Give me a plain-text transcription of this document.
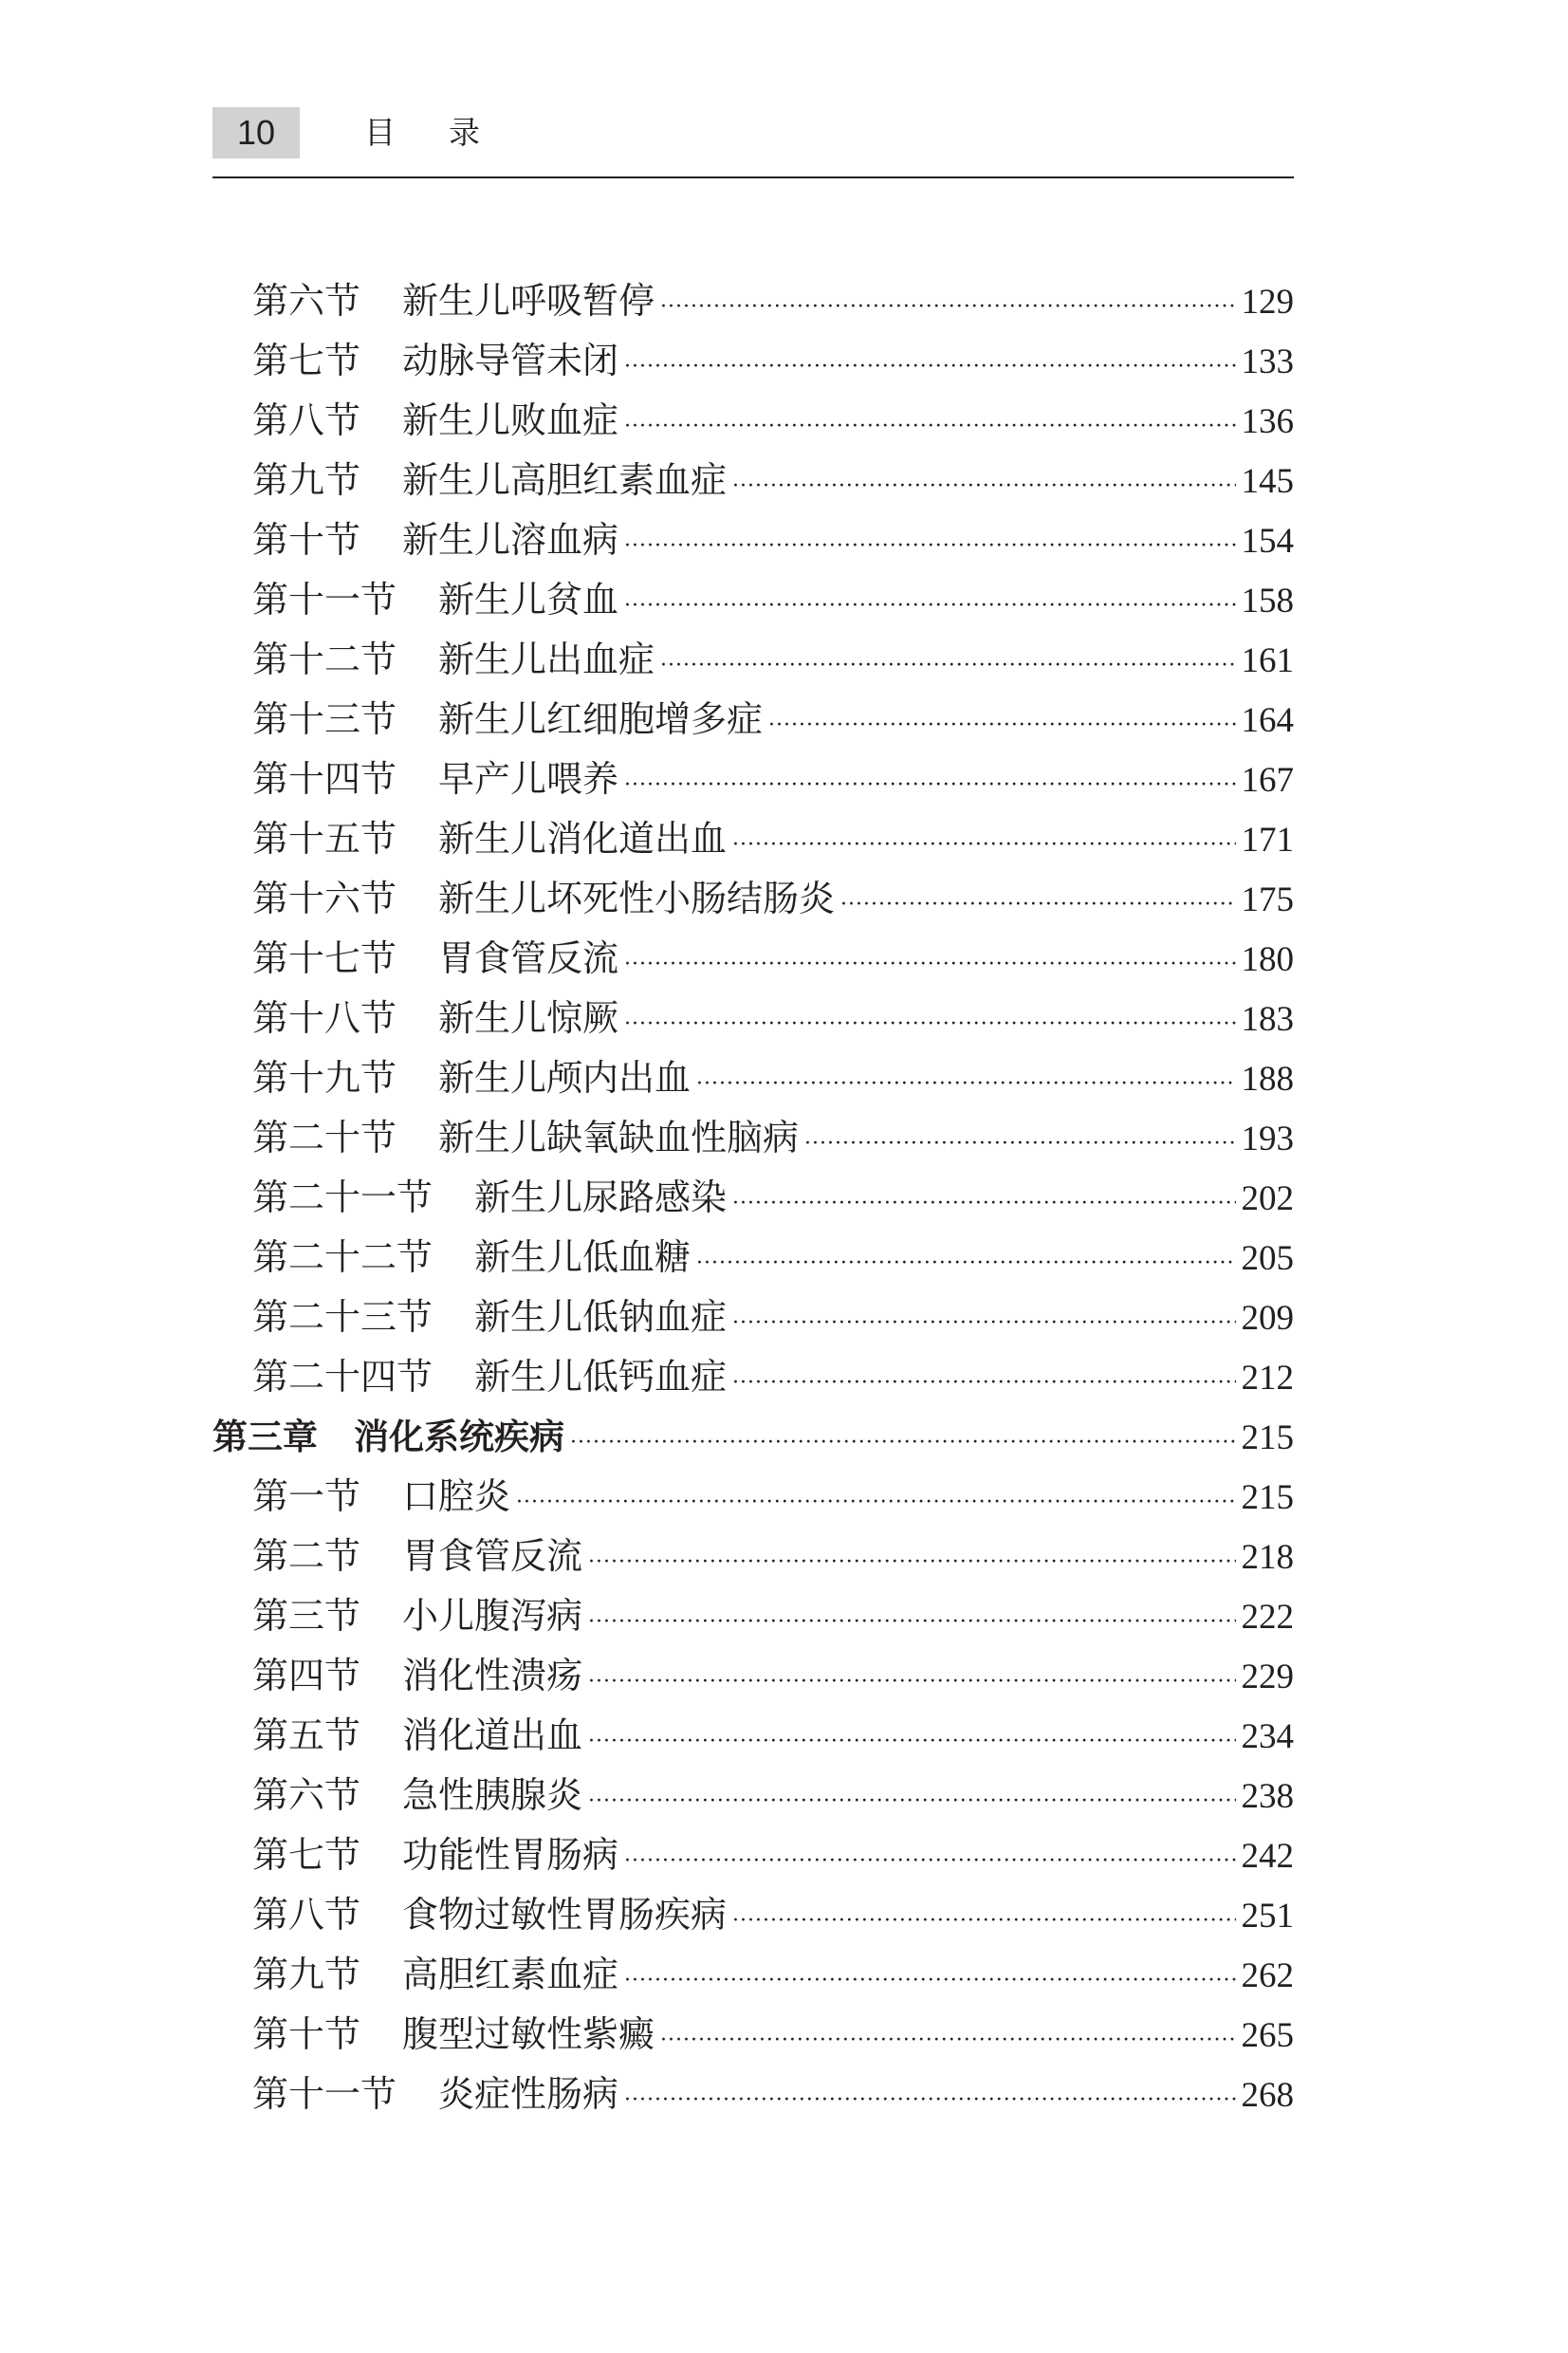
10	目录
第六节 新生儿呼吸暂停 ·····	129
第七节 动脉导管未闭 ·····	133
第八节 新生儿败血症 ·····	136
第九节 新生儿高胆红素血症 ·····	145
第十节 新生儿溶血病 ·····	154
第十一节 新生儿贫血 ·····	158
第十二节 新生儿出血症 ·····	161
第十三节 新生儿红细胞增多症 ·····	164
第十四节 早产儿喂养 ·····	167
第十五节 新生儿消化道出血 ·····	171
第十六节 新生儿坏死性小肠结肠炎 ·····	175
第十七节 胃食管反流 ·····	180
第十八节 新生儿惊厥 ·····	183
第十九节 新生儿颅内出血 ·····	188
第二十节 新生儿缺氧缺血性脑病 ·····	193
第二十一节 新生儿尿路感染 ·····	202
第二十二节 新生儿低血糖 ·····	205
第二十三节 新生儿低钠血症 ·····	209
第二十四节 新生儿低钙血症 ·····	212
第三章 消化系统疾病 ·····	215
第一节 口腔炎 ·····	215
第二节 胃食管反流 ·····	218
第三节 小儿腹泻病 ·····	222
第四节 消化性溃疡 ·····	229
第五节 消化道出血 ·····	234
第六节 急性胰腺炎 ·····	238
第七节 功能性胃肠病 ·····	242
第八节 食物过敏性胃肠疾病 ·····	251
第九节 高胆红素血症 ·····	262
第十节 腹型过敏性紫癜 ·····	265
第十一节 炎症性肠病 ·····	268
